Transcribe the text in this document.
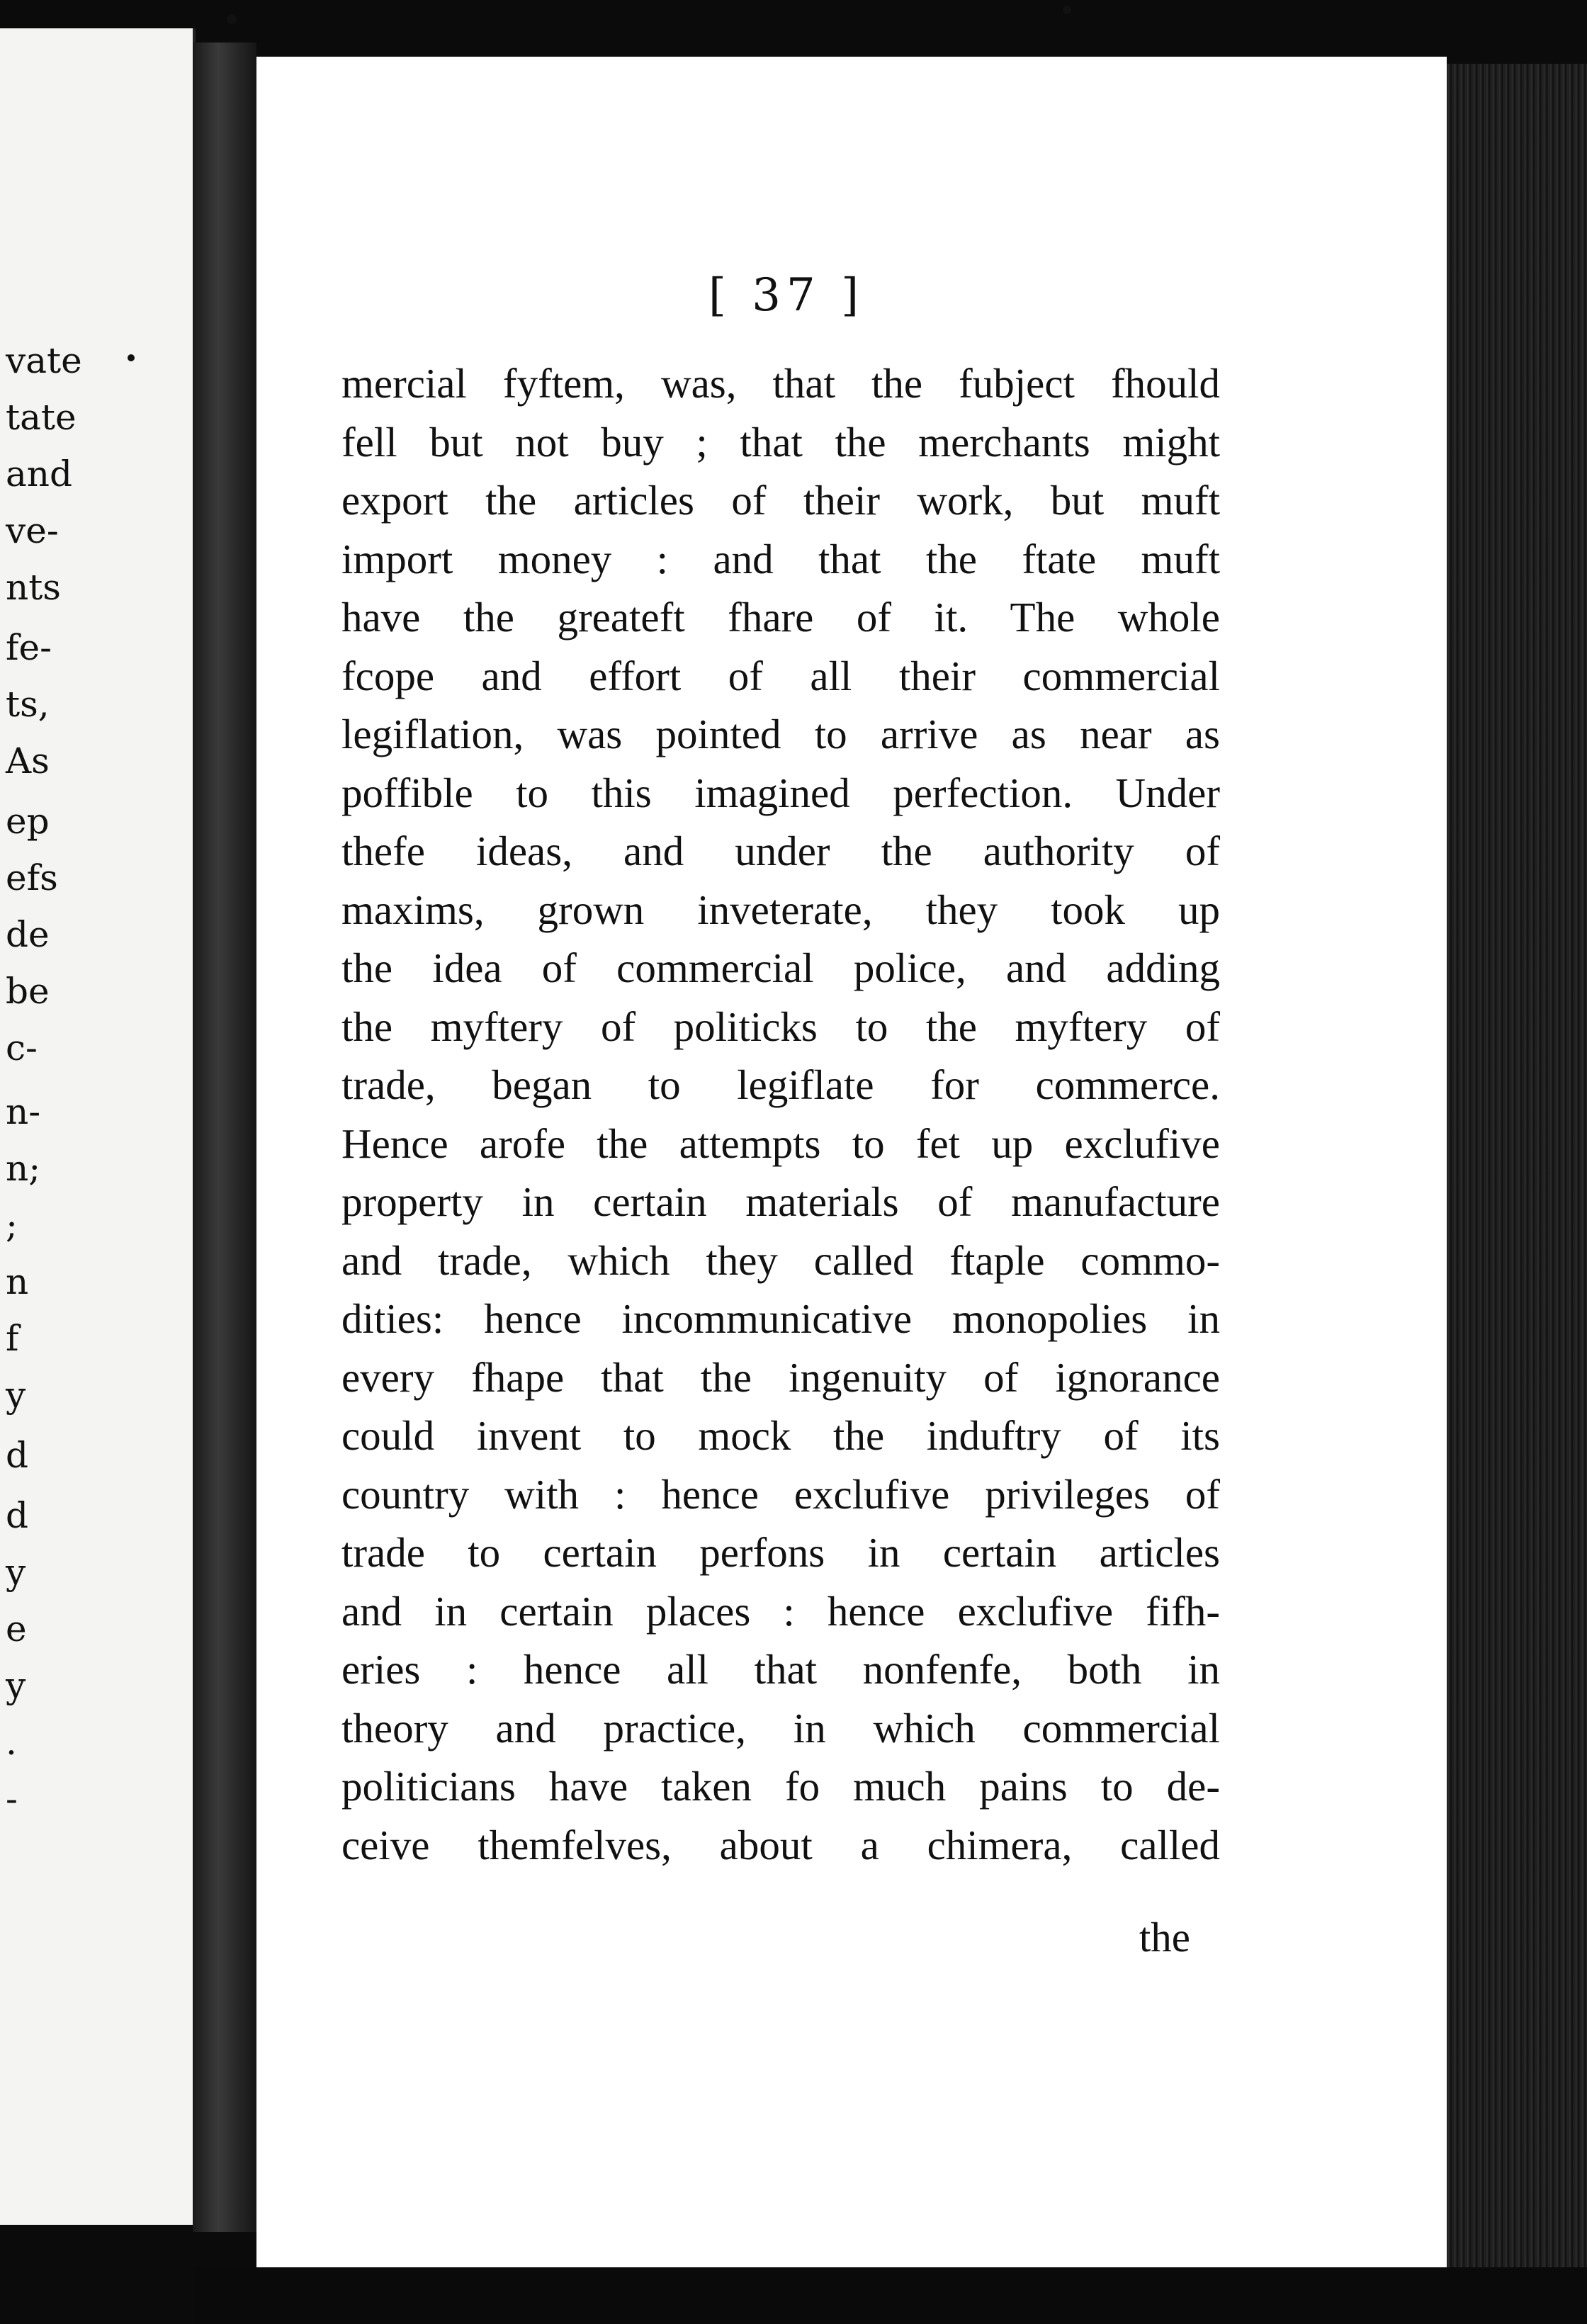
vate
tate
and
ve-
nts
fe-
ts,
As
ep
efs
de
be
c-
n-
n;
;
n
f
y
d
d
y
e
y
.
-
[ 37 ]
mercial fyftem, was, that the fubject fhould
fell but not buy ; that the merchants might
export the articles of their work, but muft
import money : and that the ftate muft
have the greateft fhare of it. The whole
fcope and effort of all their commercial
legiflation, was pointed to arrive as near as
poffible to this imagined perfection. Under
thefe ideas, and under the authority of
maxims, grown inveterate, they took up
the idea of commercial police, and adding
the myftery of politicks to the myftery of
trade, began to legiflate for commerce.
Hence arofe the attempts to fet up exclufive
property in certain materials of manufacture
and trade, which they called ftaple commo-
dities: hence incommunicative monopolies in
every fhape that the ingenuity of ignorance
could invent to mock the induftry of its
country with : hence exclufive privileges of
trade to certain perfons in certain articles
and in certain places : hence exclufive fifh-
eries : hence all that nonfenfe, both in
theory and practice, in which commercial
politicians have taken fo much pains to de-
ceive themfelves, about a chimera, called
the
